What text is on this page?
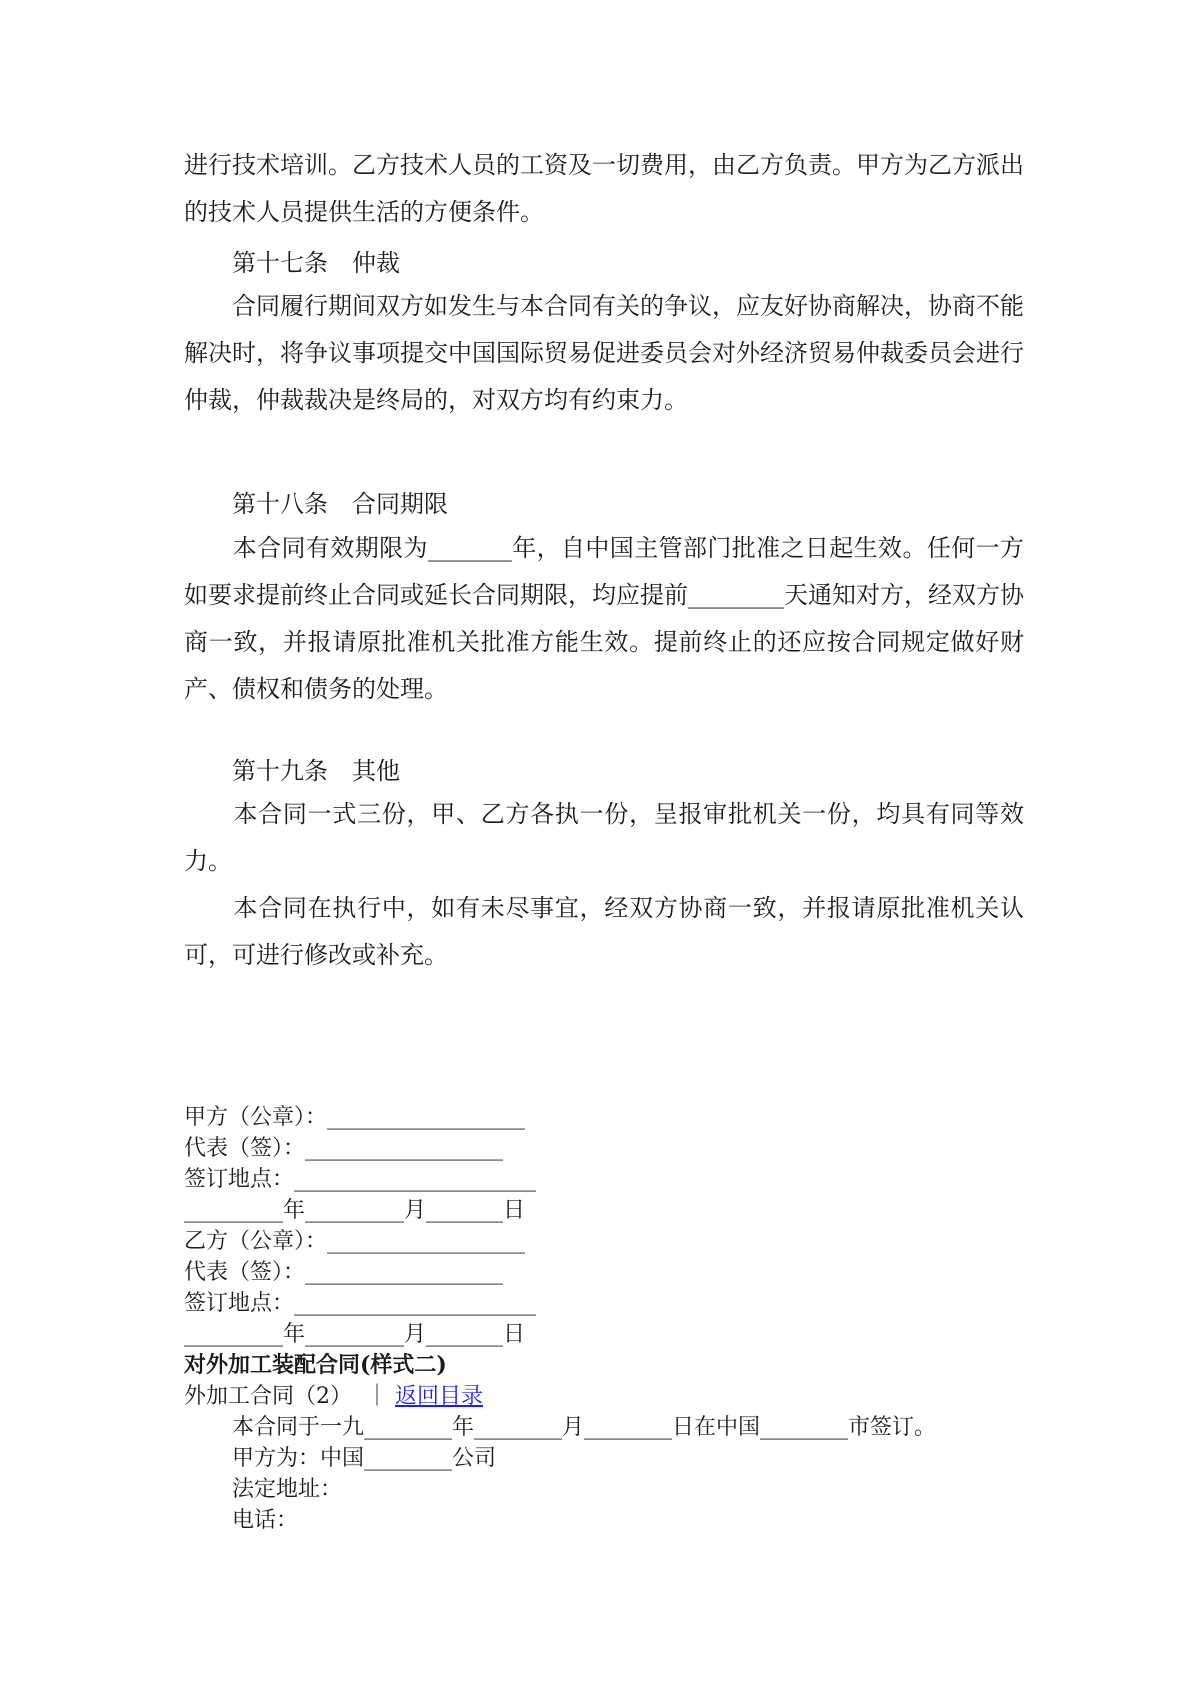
进行技术培训。乙方技术人员的工资及一切费用，由乙方负责。甲方为乙方派出的技术人员提供生活的方便条件。
第十七条　仲裁
　　合同履行期间双方如发生与本合同有关的争议，应友好协商解决，协商不能解决时，将争议事项提交中国国际贸易促进委员会对外经济贸易仲裁委员会进行仲裁，仲裁裁决是终局的，对双方均有约束力。
第十八条　合同期限
　　本合同有效期限为_______年，自中国主管部门批准之日起生效。任何一方如要求提前终止合同或延长合同期限，均应提前________天通知对方，经双方协商一致，并报请原批准机关批准方能生效。提前终止的还应按合同规定做好财产、债权和债务的处理。
第十九条　其他
　　本合同一式三份，甲、乙方各执一份，呈报审批机关一份，均具有同等效力。
　　本合同在执行中，如有未尽事宜，经双方协商一致，并报请原批准机关认可，可进行修改或补充。
甲方（公章）：__________________
代表（签）：__________________
签订地点：______________________
_________年_________月_______日
乙方（公章）：__________________
代表（签）：__________________
签订地点：______________________
_________年_________月_______日
对外加工装配合同(样式二)
外加工合同（2） ｜ 返回目录
本合同于一九________年________月________日在中国________市签订。
甲方为：中国________公司
法定地址：
电话：
